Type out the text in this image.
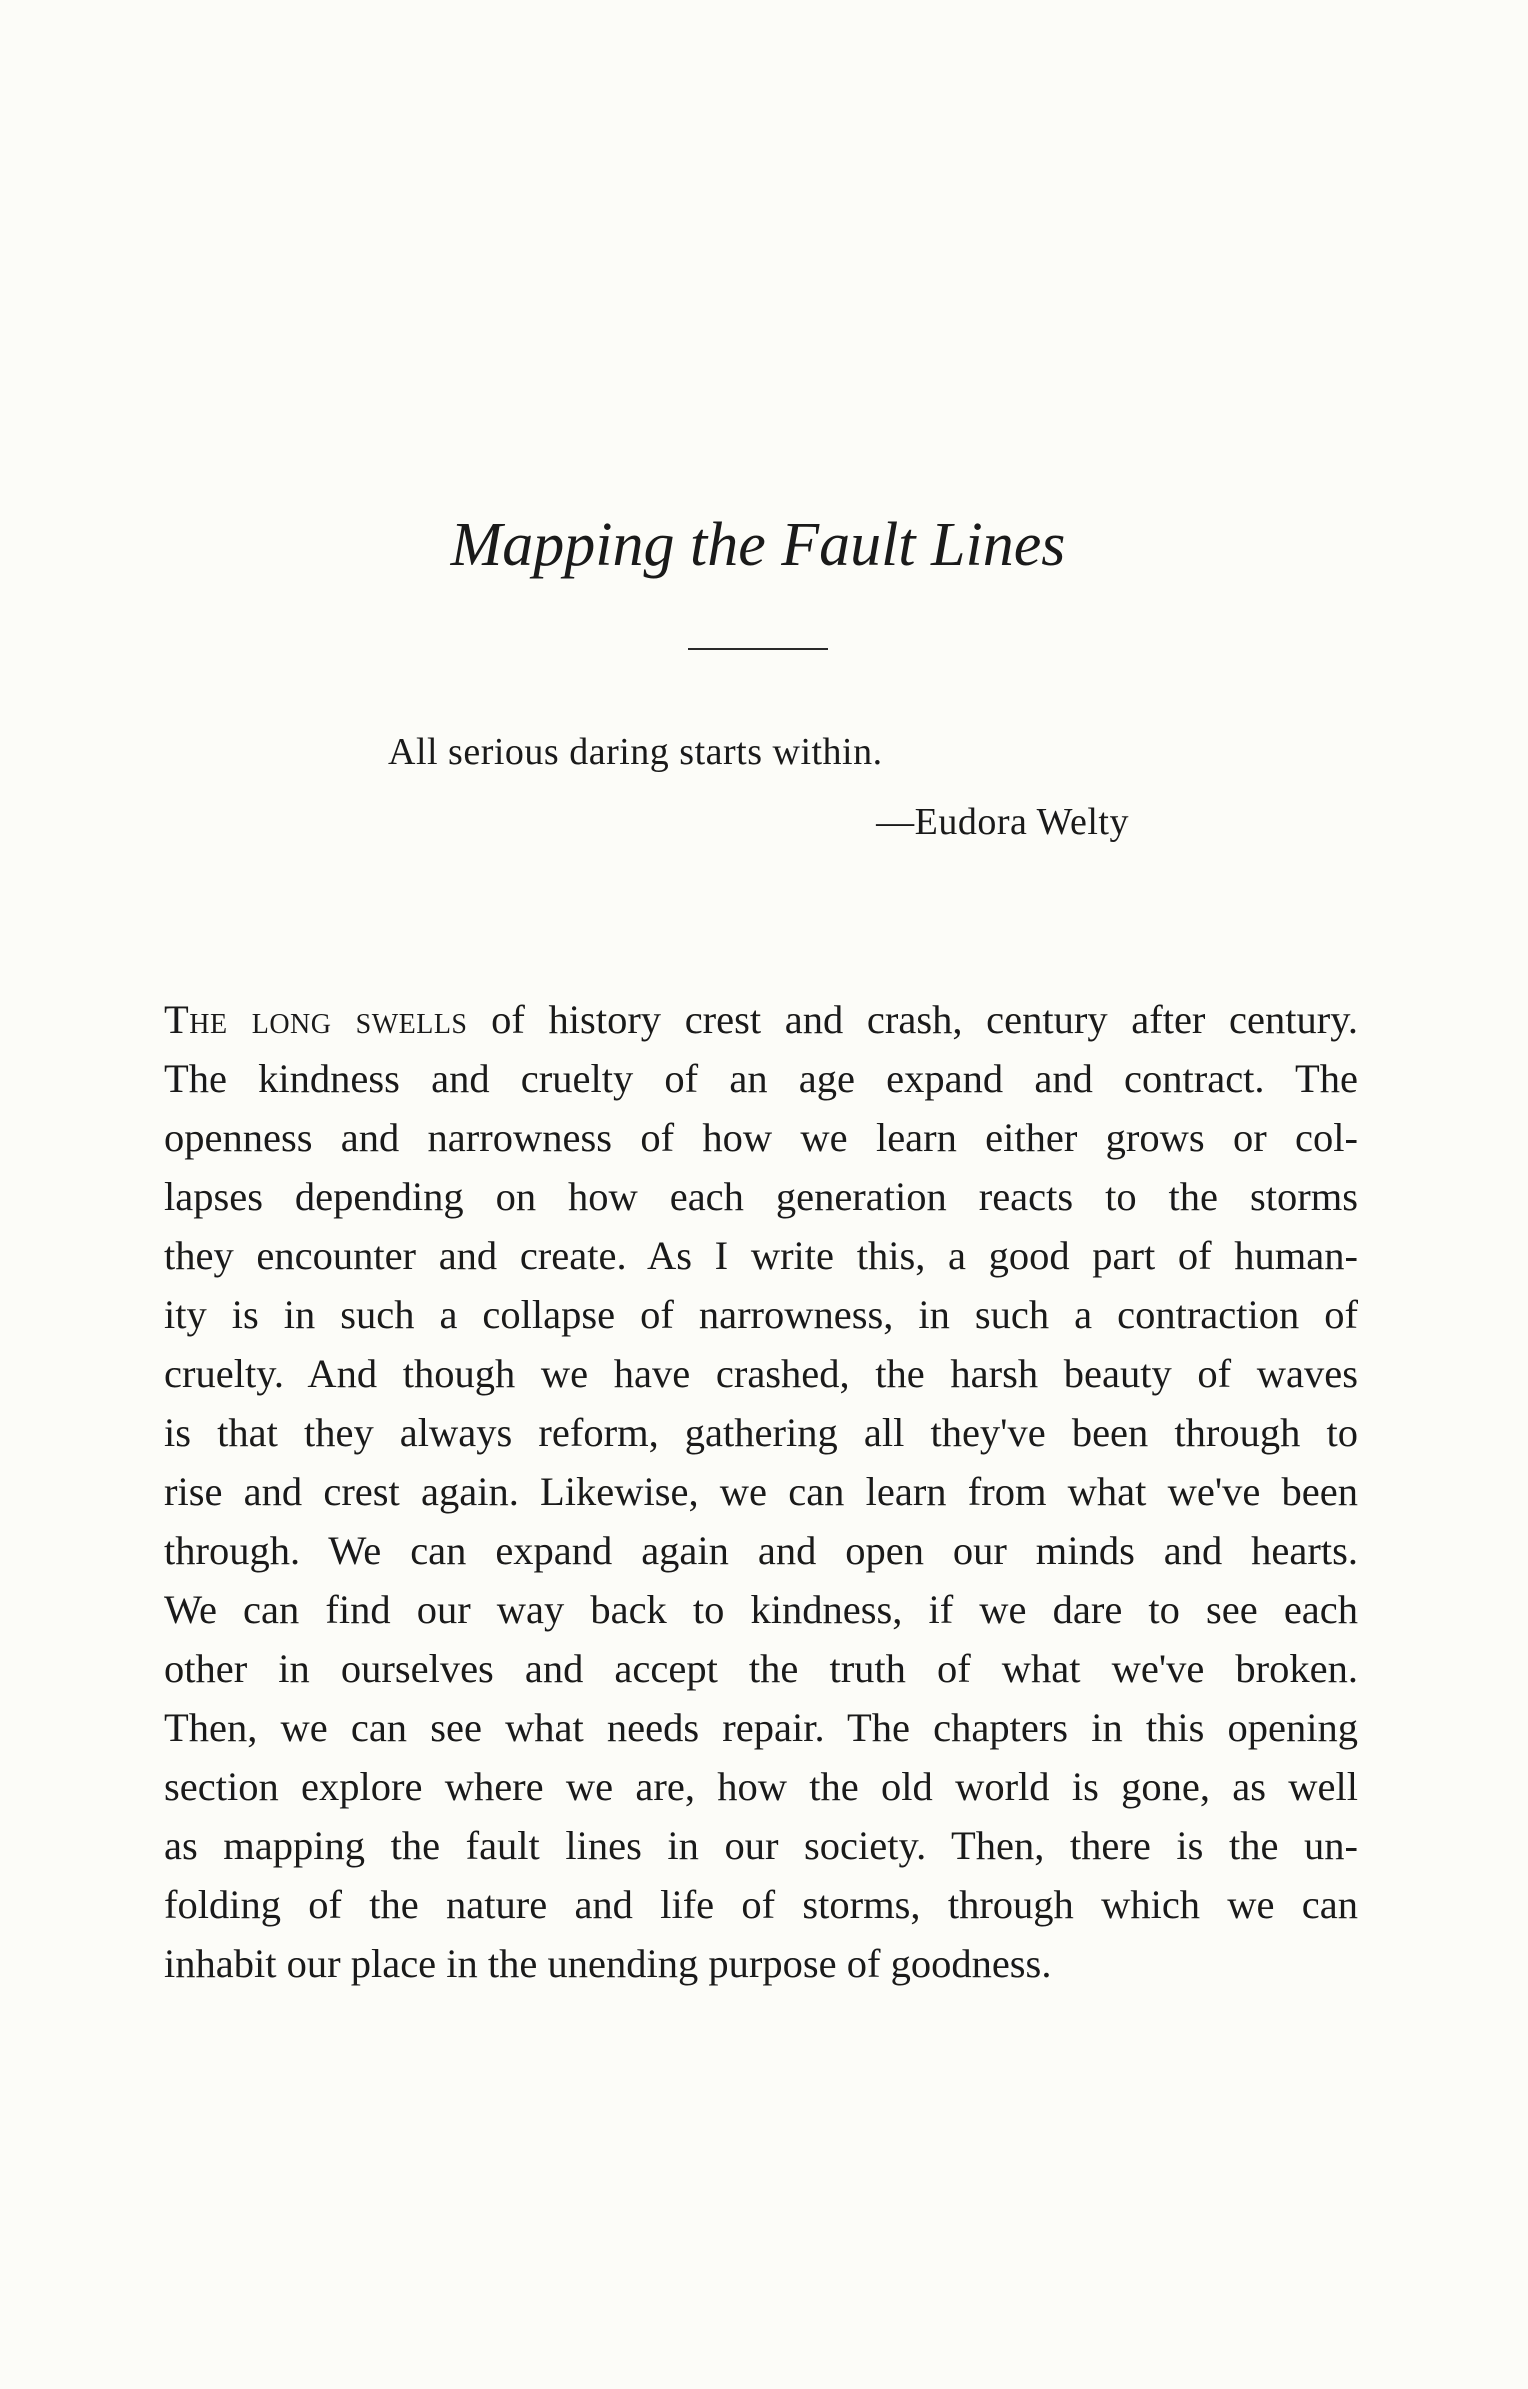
Mapping the Fault Lines
All serious daring starts within.
—Eudora Welty
The long swells of history crest and crash, century after century.
The kindness and cruelty of an age expand and contract. The
openness and narrowness of how we learn either grows or col-
lapses depending on how each generation reacts to the storms
they encounter and create. As I write this, a good part of human-
ity is in such a collapse of narrowness, in such a contraction of
cruelty. And though we have crashed, the harsh beauty of waves
is that they always reform, gathering all they've been through to
rise and crest again. Likewise, we can learn from what we've been
through. We can expand again and open our minds and hearts.
We can find our way back to kindness, if we dare to see each
other in ourselves and accept the truth of what we've broken.
Then, we can see what needs repair. The chapters in this opening
section explore where we are, how the old world is gone, as well
as mapping the fault lines in our society. Then, there is the un-
folding of the nature and life of storms, through which we can
inhabit our place in the unending purpose of goodness.
